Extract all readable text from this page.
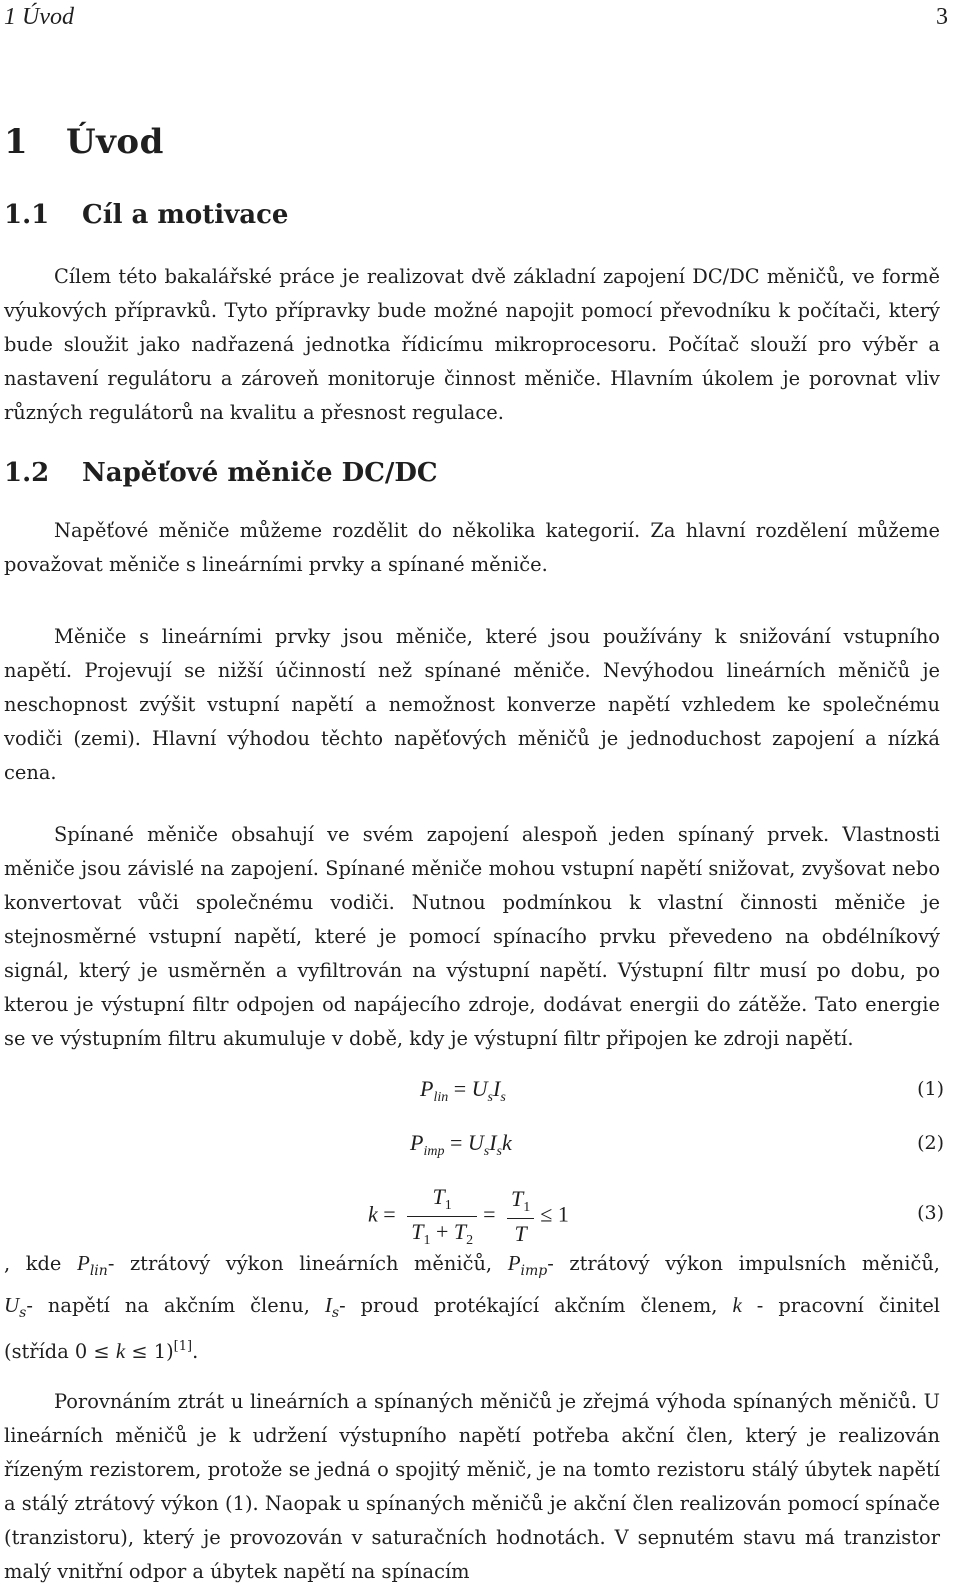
1 Úvod	3
1 Úvod
1.1 Cíl a motivace
Cílem této bakalářské práce je realizovat dvě základní zapojení DC/DC měničů, ve formě výukových přípravků. Tyto přípravky bude možné napojit pomocí převodníku k počítači, který bude sloužit jako nadřazená jednotka řídicímu mikroprocesoru. Počítač slouží pro výběr a nastavení regulátoru a zároveň monitoruje činnost měniče. Hlavním úkolem je porovnat vliv různých regulátorů na kvalitu a přesnost regulace.
1.2 Napěťové měniče DC/DC
Napěťové měniče můžeme rozdělit do několika kategorií. Za hlavní rozdělení můžeme považovat měniče s lineárními prvky a spínané měniče.
Měniče s lineárními prvky jsou měniče, které jsou používány k snižování vstupního napětí. Projevují se nižší účinností než spínané měniče. Nevýhodou lineárních měničů je neschopnost zvýšit vstupní napětí a nemožnost konverze napětí vzhledem ke společnému vodiči (zemi). Hlavní výhodou těchto napěťových měničů je jednoduchost zapojení a nízká cena.
Spínané měniče obsahují ve svém zapojení alespoň jeden spínaný prvek. Vlastnosti měniče jsou závislé na zapojení. Spínané měniče mohou vstupní napětí snižovat, zvyšovat nebo konvertovat vůči společnému vodiči. Nutnou podmínkou k vlastní činnosti měniče je stejnosměrné vstupní napětí, které je pomocí spínacího prvku převedeno na obdélníkový signál, který je usměrněn a vyfiltrován na výstupní napětí. Výstupní filtr musí po dobu, po kterou je výstupní filtr odpojen od napájecího zdroje, dodávat energii do zátěže. Tato energie se ve výstupním filtru akumuluje v době, kdy je výstupní filtr připojen ke zdroji napětí.
$P_{lin} = U_sI_s$	(1)
$P_{imp} = U_sI_sk$	(2)
$k = \frac{T_1}{T_1 + T_2} = \frac{T_1}{T} \le 1$	(3)
, kde $P_{lin}-$ ztrátový výkon lineárních měničů, $P_{imp}-$ ztrátový výkon impulsních měničů,
$U_s-$ napětí na akčním členu, $I_s-$ proud protékající akčním členem, k - pracovní činitel
(střída 0 ≤ k ≤ 1)[1].
Porovnáním ztrát u lineárních a spínaných měničů je zřejmá výhoda spínaných měničů. U lineárních měničů je k udržení výstupního napětí potřeba akční člen, který je realizován řízeným rezistorem, protože se jedná o spojitý měnič, je na tomto rezistoru stálý úbytek napětí a stálý ztrátový výkon (1). Naopak u spínaných měničů je akční člen realizován pomocí spínače (tranzistoru), který je provozován v saturačních hodnotách. V sepnutém stavu má tranzistor malý vnitřní odpor a úbytek napětí na spínacím
